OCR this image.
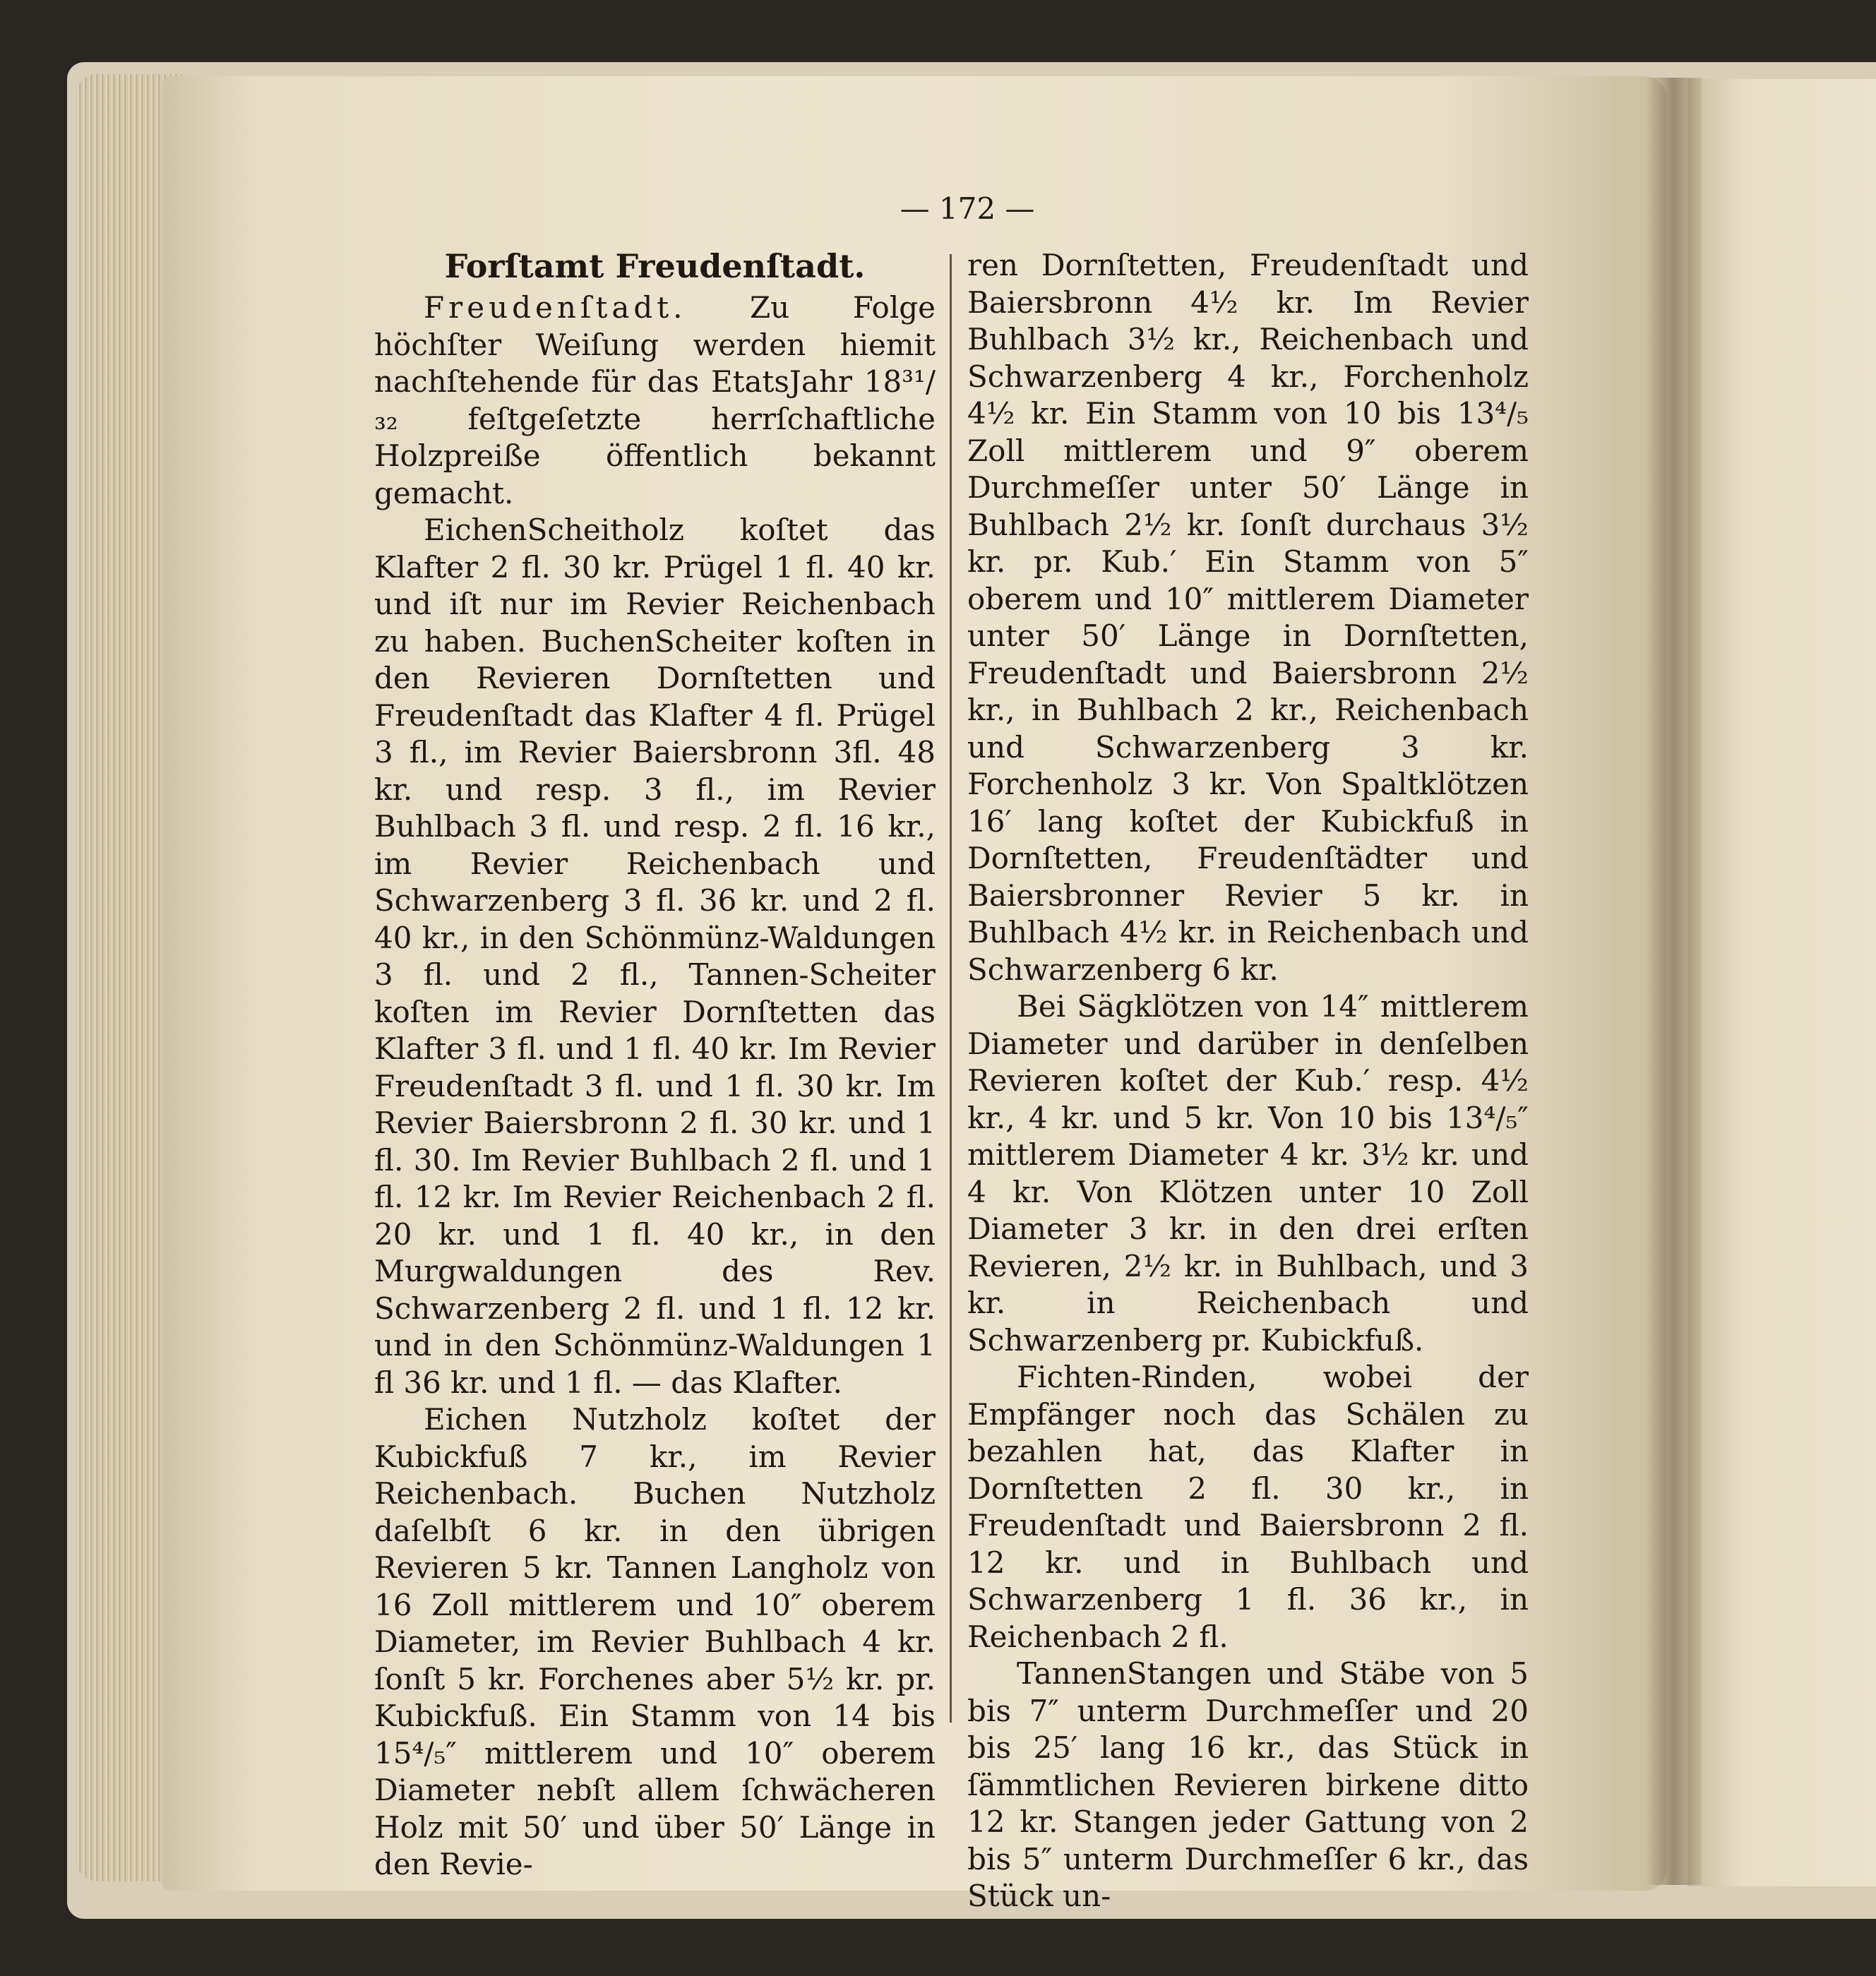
— 172 —
Forſtamt Freudenſtadt.

Freudenſtadt. Zu Folge höchſter Weiſung werden hiemit nachſtehende für das EtatsJahr 18³¹/₃₂ feſtgeſetzte herrſchaftliche Holzpreiße öffentlich bekannt gemacht.

EichenScheitholz koſtet das Klafter 2 fl. 30 kr. Prügel 1 fl. 40 kr. und iſt nur im Revier Reichenbach zu haben. BuchenScheiter koſten in den Revieren Dornſtetten und Freudenſtadt das Klafter 4 fl. Prügel 3 fl., im Revier Baiersbronn 3fl. 48 kr. und resp. 3 fl., im Revier Buhlbach 3 fl. und resp. 2 fl. 16 kr., im Revier Reichenbach und Schwarzenberg 3 fl. 36 kr. und 2 fl. 40 kr., in den Schönmünz-Waldungen 3 fl. und 2 fl., Tannen-Scheiter koſten im Revier Dornſtetten das Klafter 3 fl. und 1 fl. 40 kr. Im Revier Freudenſtadt 3 fl. und 1 fl. 30 kr. Im Revier Baiersbronn 2 fl. 30 kr. und 1 fl. 30. Im Revier Buhlbach 2 fl. und 1 fl. 12 kr. Im Revier Reichenbach 2 fl. 20 kr. und 1 fl. 40 kr., in den Murgwaldungen des Rev. Schwarzenberg 2 fl. und 1 fl. 12 kr. und in den Schönmünz-Waldungen 1 fl 36 kr. und 1 fl. — das Klafter.

Eichen Nutzholz koſtet der Kubickfuß 7 kr., im Revier Reichenbach. Buchen Nutzholz daſelbſt 6 kr. in den übrigen Revieren 5 kr. Tannen Langholz von 16 Zoll mittlerem und 10″ oberem Diameter, im Revier Buhlbach 4 kr. ſonſt 5 kr. Forchenes aber 5½ kr. pr. Kubickfuß. Ein Stamm von 14 bis 15⁴/₅″ mittlerem und 10″ oberem Diameter nebſt allem ſchwächeren Holz mit 50′ und über 50′ Länge in den Revie-

ren Dornſtetten, Freudenſtadt und Baiersbronn 4½ kr. Im Revier Buhlbach 3½ kr., Reichenbach und Schwarzenberg 4 kr., Forchenholz 4½ kr. Ein Stamm von 10 bis 13⁴/₅ Zoll mittlerem und 9″ oberem Durchmeſſer unter 50′ Länge in Buhlbach 2½ kr. ſonſt durchaus 3½ kr. pr. Kub.′ Ein Stamm von 5″ oberem und 10″ mittlerem Diameter unter 50′ Länge in Dornſtetten, Freudenſtadt und Baiersbronn 2½ kr., in Buhlbach 2 kr., Reichenbach und Schwarzenberg 3 kr. Forchenholz 3 kr. Von Spaltklötzen 16′ lang koſtet der Kubickfuß in Dornſtetten, Freudenſtädter und Baiersbronner Revier 5 kr. in Buhlbach 4½ kr. in Reichenbach und Schwarzenberg 6 kr.

Bei Sägklötzen von 14″ mittlerem Diameter und darüber in denſelben Revieren koſtet der Kub.′ resp. 4½ kr., 4 kr. und 5 kr. Von 10 bis 13⁴/₅″ mittlerem Diameter 4 kr. 3½ kr. und 4 kr. Von Klötzen unter 10 Zoll Diameter 3 kr. in den drei erſten Revieren, 2½ kr. in Buhlbach, und 3 kr. in Reichenbach und Schwarzenberg pr. Kubickfuß.

Fichten-Rinden, wobei der Empfänger noch das Schälen zu bezahlen hat, das Klafter in Dornſtetten 2 fl. 30 kr., in Freudenſtadt und Baiersbronn 2 fl. 12 kr. und in Buhlbach und Schwarzenberg 1 fl. 36 kr., in Reichenbach 2 fl.

TannenStangen und Stäbe von 5 bis 7″ unterm Durchmeſſer und 20 bis 25′ lang 16 kr., das Stück in ſämmtlichen Revieren birkene ditto 12 kr. Stangen jeder Gattung von 2 bis 5″ unterm Durchmeſſer 6 kr., das Stück un-
